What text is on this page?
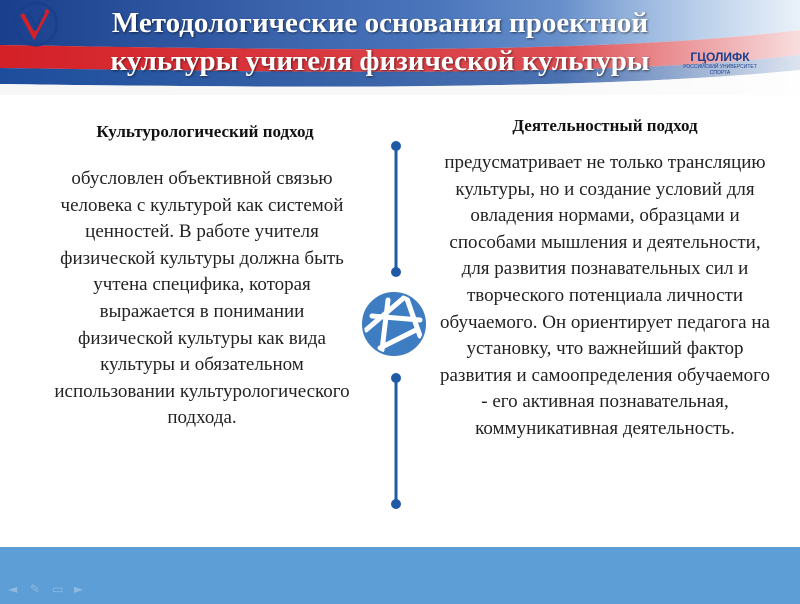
Методологические основания проектной
культуры учителя физической культуры	ГЦОЛИФК
РОССИЙСКИЙ УНИВЕРСИТЕТ СПОРТА
Культурологический подход
обусловлен объективной связью человека с культурой как системой ценностей. В работе учителя физической культуры должна быть учтена специфика, которая выражается в понимании физической культуры как вида культуры и обязательном использовании культурологического подхода.
Деятельностный подход
предусматривает не только трансляцию культуры, но и создание условий для овладения нормами, образцами и способами мышления и деятельности, для развития познавательных сил и творческого потенциала личности обучаемого. Он ориентирует педагога на установку, что важнейший фактор развития и самоопределения обучаемого - его активная познавательная, коммуникативная деятельность.
◄	✎ ▭ ►
